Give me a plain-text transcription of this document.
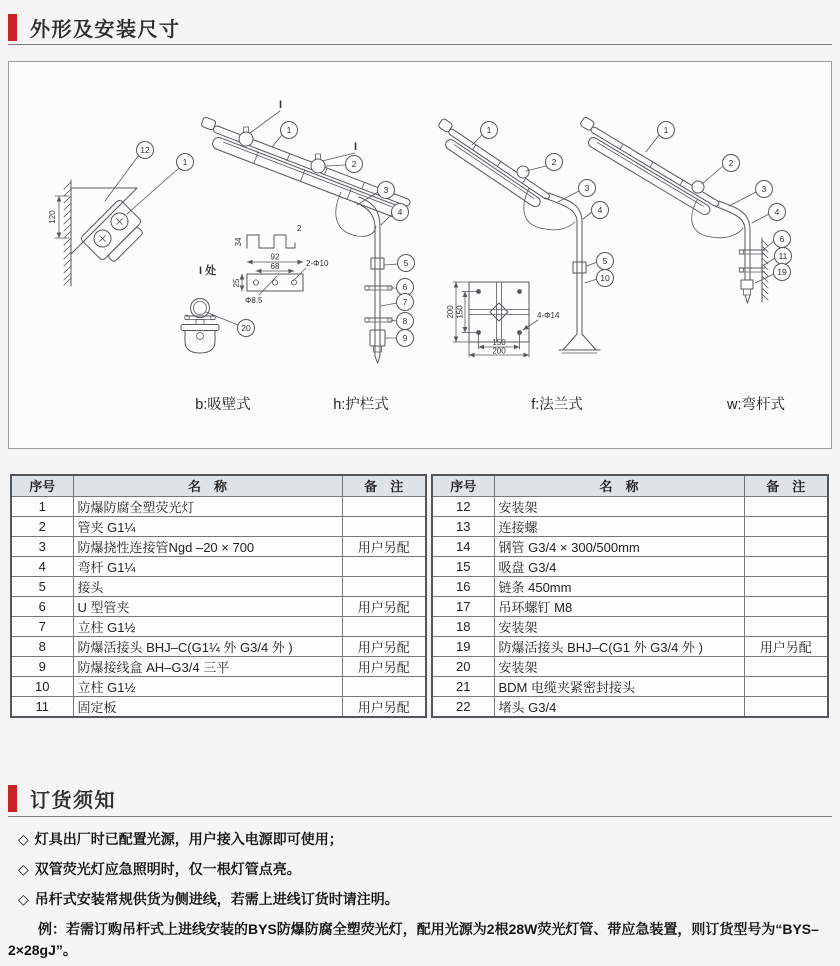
外形及安装尺寸
120
12
1
I 处
34
2
92
68
25
Φ8.5
2-Φ10
20
b:吸壁式
I
I
1
2
3
4
5
6
7
8
9
h:护栏式
200 150
150
200
4-Φ14
1
2
3
4
5
10
f:法兰式
1
2
3
4
6
11
19
w:弯杆式
序号	名　称	备　注
1	防爆防腐全塑荧光灯	
2	管夹 G1¼	
3	防爆挠性连接管Ngd –20 × 700	用户另配
4	弯杆 G1¼	
5	接头	
6	U 型管夹	用户另配
7	立柱 G1½	
8	防爆活接头 BHJ–C(G1¼ 外 G3/4 外 )	用户另配
9	防爆接线盒 AH–G3/4 三平	用户另配
10	立柱 G1½	
11	固定板	用户另配
序号	名　称	备　注
12	安装架	
13	连接螺	
14	钢管 G3/4 × 300/500mm	
15	吸盘 G3/4	
16	链条 450mm	
17	吊环螺钉 M8	
18	安装架	
19	防爆活接头 BHJ–C(G1 外 G3/4 外 )	用户另配
20	安装架	
21	BDM 电缆夹紧密封接头	
22	堵头 G3/4	
订货须知

◇ 灯具出厂时已配置光源，用户接入电源即可使用；

◇ 双管荧光灯应急照明时，仅一根灯管点亮。

◇ 吊杆式安装常规供货为侧进线，若需上进线订货时请注明。

例：若需订购吊杆式上进线安装的BYS防爆防腐全塑荧光灯，配用光源为2根28W荧光灯管、带应急装置，则订货型号为“BYS–2×28gJ”。
